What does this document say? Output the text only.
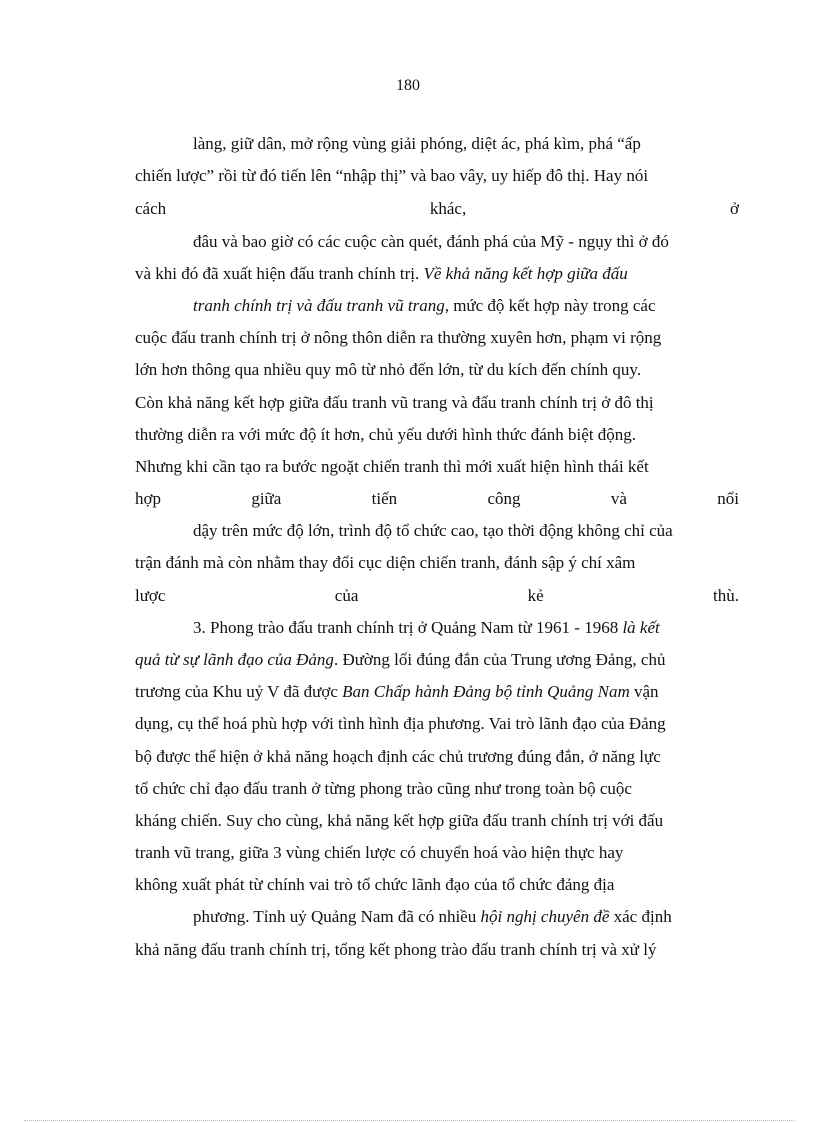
180
làng, giữ dân, mở rộng vùng giải phóng, diệt ác, phá kìm, phá “ấp
chiến lược” rồi từ đó tiến lên “nhập thị” và bao vây, uy hiếp đô thị. Hay nói
cách	khác,	ở
đâu và bao giờ có các cuộc càn quét, đánh phá của Mỹ - ngụy thì ở đó
và khi đó đã xuất hiện đấu tranh chính trị. Về khả năng kết hợp giữa đấu
tranh chính trị và đấu tranh vũ trang, mức độ kết hợp này trong các
cuộc đấu tranh chính trị ở nông thôn diễn ra thường xuyên hơn, phạm vi rộng
lớn hơn thông qua nhiều quy mô từ nhỏ đến lớn, từ du kích đến chính quy.
Còn khả năng kết hợp giữa đấu tranh vũ trang và đấu tranh chính trị ở đô thị
thường diễn ra với mức độ ít hơn, chủ yếu dưới hình thức đánh biệt động.
Nhưng khi cần tạo ra bước ngoặt chiến tranh thì mới xuất hiện hình thái kết
hợp	giữa	tiến	công	và	nổi
dậy trên mức độ lớn, trình độ tổ chức cao, tạo thời động không chỉ của
trận đánh mà còn nhằm thay đổi cục diện chiến tranh, đánh sập ý chí xâm
lược	của	kẻ	thù.
3. Phong trào đấu tranh chính trị ở Quảng Nam từ 1961 - 1968 là kết
quả từ sự lãnh đạo của Đảng. Đường lối đúng đắn của Trung ương Đảng, chủ
trương của Khu uỷ V đã được Ban Chấp hành Đảng bộ tỉnh Quảng Nam vận
dụng, cụ thể hoá phù hợp với tình hình địa phương. Vai trò lãnh đạo của Đảng
bộ được thể hiện ở khả năng hoạch định các chủ trương đúng đắn, ở năng lực
tổ chức chỉ đạo đấu tranh ở từng phong trào cũng như trong toàn bộ cuộc
kháng chiến. Suy cho cùng, khả năng kết hợp giữa đấu tranh chính trị với đấu
tranh vũ trang, giữa 3 vùng chiến lược có chuyển hoá vào hiện thực hay
không xuất phát từ chính vai trò tổ chức lãnh đạo của tổ chức đảng địa
phương. Tỉnh uỷ Quảng Nam đã có nhiều hội nghị chuyên đề xác định
khả năng đấu tranh chính trị, tổng kết phong trào đấu tranh chính trị và xử lý
